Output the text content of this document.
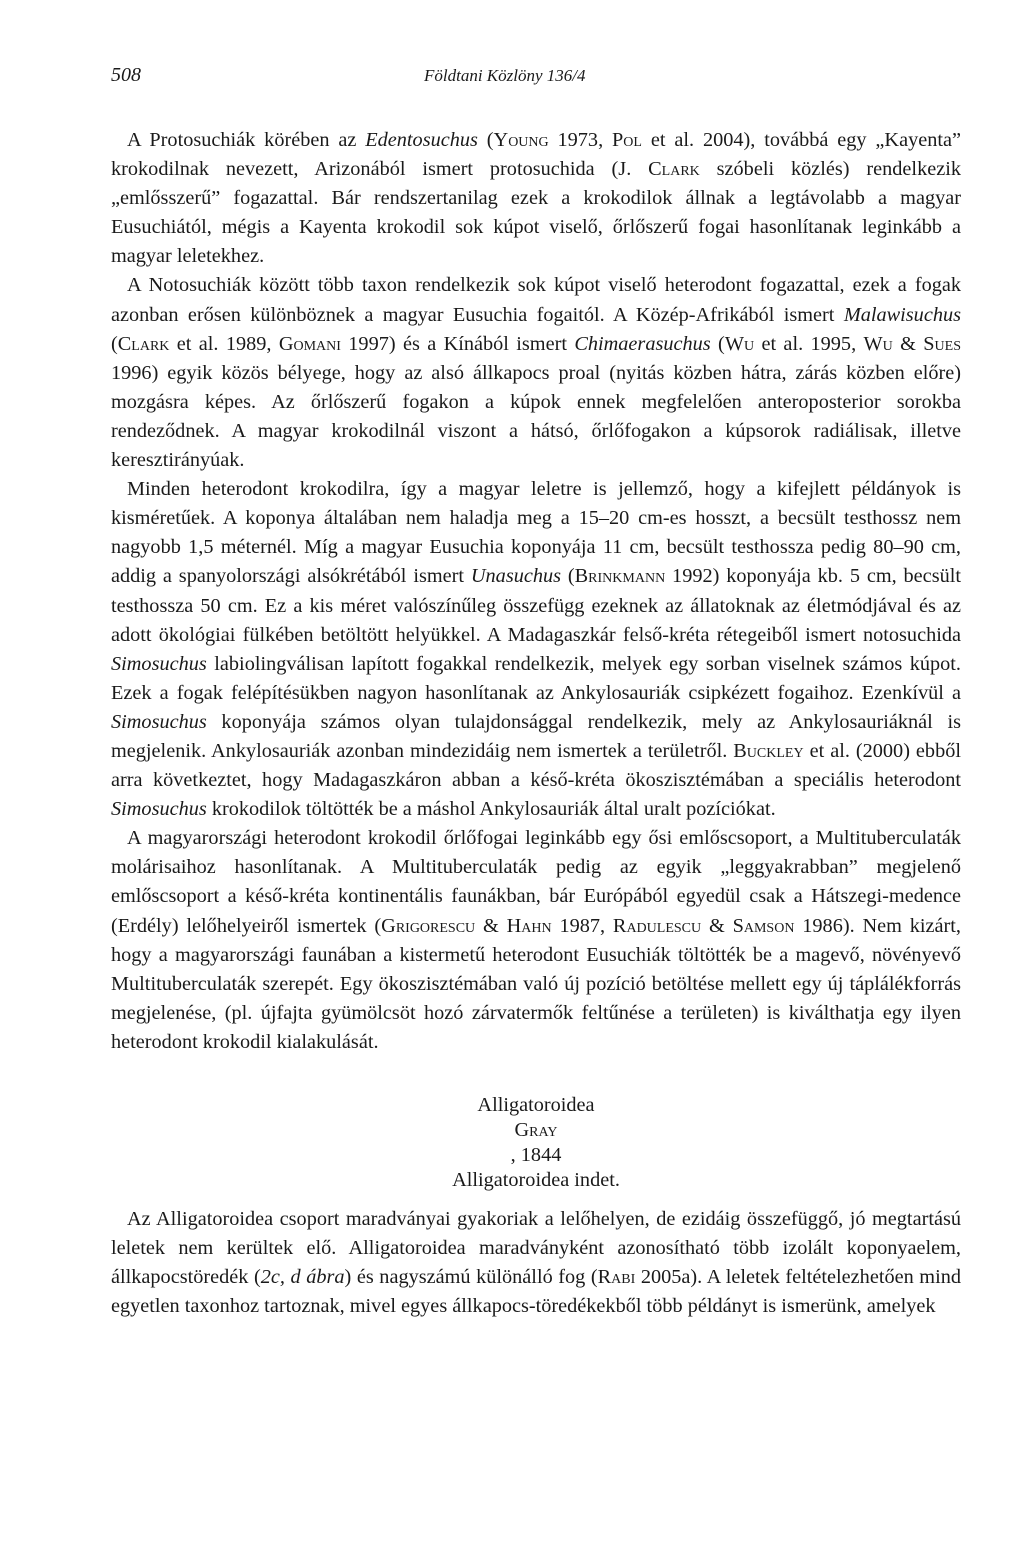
508	Földtani Közlöny 136/4

A Protosuchiák körében az Edentosuchus (Young 1973, Pol et al. 2004), továbbá egy „Kayenta” krokodilnak nevezett, Arizonából ismert protosuchida (J. Clark szóbeli közlés) rendelkezik „emlősszerű” fogazattal. Bár rendszertanilag ezek a krokodilok állnak a legtávolabb a magyar Eusuchiától, mégis a Kayenta krokodil sok kúpot viselő, őrlőszerű fogai hasonlítanak leginkább a magyar leletekhez.

A Notosuchiák között több taxon rendelkezik sok kúpot viselő heterodont fogazattal, ezek a fogak azonban erősen különböznek a magyar Eusuchia fogaitól. A Közép-Afrikából ismert Malawisuchus (Clark et al. 1989, Gomani 1997) és a Kínából ismert Chimaerasuchus (Wu et al. 1995, Wu & Sues 1996) egyik közös bélyege, hogy az alsó állkapocs proal (nyitás közben hátra, zárás közben előre) mozgásra képes. Az őrlőszerű fogakon a kúpok ennek megfelelően anteroposterior sorokba rendeződnek. A magyar krokodilnál viszont a hátsó, őrlőfogakon a kúpsorok radiálisak, illetve keresztirányúak.

Minden heterodont krokodilra, így a magyar leletre is jellemző, hogy a kifejlett példányok is kisméretűek. A koponya általában nem haladja meg a 15–20 cm-es hosszt, a becsült testhossz nem nagyobb 1,5 méternél. Míg a magyar Eusuchia koponyája 11 cm, becsült testhossza pedig 80–90 cm, addig a spanyolországi alsókrétából ismert Unasuchus (Brinkmann 1992) koponyája kb. 5 cm, becsült testhossza 50 cm. Ez a kis méret valószínűleg összefügg ezeknek az állatoknak az életmódjával és az adott ökológiai fülkében betöltött helyükkel. A Madagaszkár felső-kréta rétegeiből ismert notosuchida Simosuchus labiolingválisan lapított fogakkal rendelkezik, melyek egy sorban viselnek számos kúpot. Ezek a fogak felépítésükben nagyon hasonlítanak az Ankylosauriák csipkézett fogaihoz. Ezenkívül a Simosuchus koponyája számos olyan tulajdonsággal rendelkezik, mely az Ankylosauriáknál is megjelenik. Ankylosauriák azonban mindezidáig nem ismertek a területről. Buckley et al. (2000) ebből arra következtet, hogy Madagaszkáron abban a késő-kréta ökoszisztémában a speciális heterodont Simosuchus krokodilok töltötték be a máshol Ankylosauriák által uralt pozíciókat.

A magyarországi heterodont krokodil őrlőfogai leginkább egy ősi emlőscsoport, a Multituberculaták molárisaihoz hasonlítanak. A Multituberculaták pedig az egyik „leggyakrabban” megjelenő emlőscsoport a késő-kréta kontinentális faunákban, bár Európából egyedül csak a Hátszegi-medence (Erdély) lelőhelyeiről ismertek (Grigorescu & Hahn 1987, Radulescu & Samson 1986). Nem kizárt, hogy a magyarországi faunában a kistermetű heterodont Eusuchiák töltötték be a magevő, növényevő Multituberculaták szerepét. Egy ökoszisztémában való új pozíció betöltése mellett egy új táplálékforrás megjelenése, (pl. újfajta gyümölcsöt hozó zárvatermők feltűnése a területen) is kiválthatja egy ilyen heterodont krokodil kialakulását.

Alligatoroidea
Gray
, 1844
Alligatoroidea indet.

Az Alligatoroidea csoport maradványai gyakoriak a lelőhelyen, de ezidáig összefüggő, jó megtartású leletek nem kerültek elő. Alligatoroidea maradványként azonosítható több izolált koponyaelem, állkapocstöredék (2c, d ábra) és nagyszámú különálló fog (Rabi 2005a). A leletek feltételezhetően mind egyetlen taxonhoz tartoznak, mivel egyes állkapocs-töredékekből több példányt is ismerünk, amelyek
